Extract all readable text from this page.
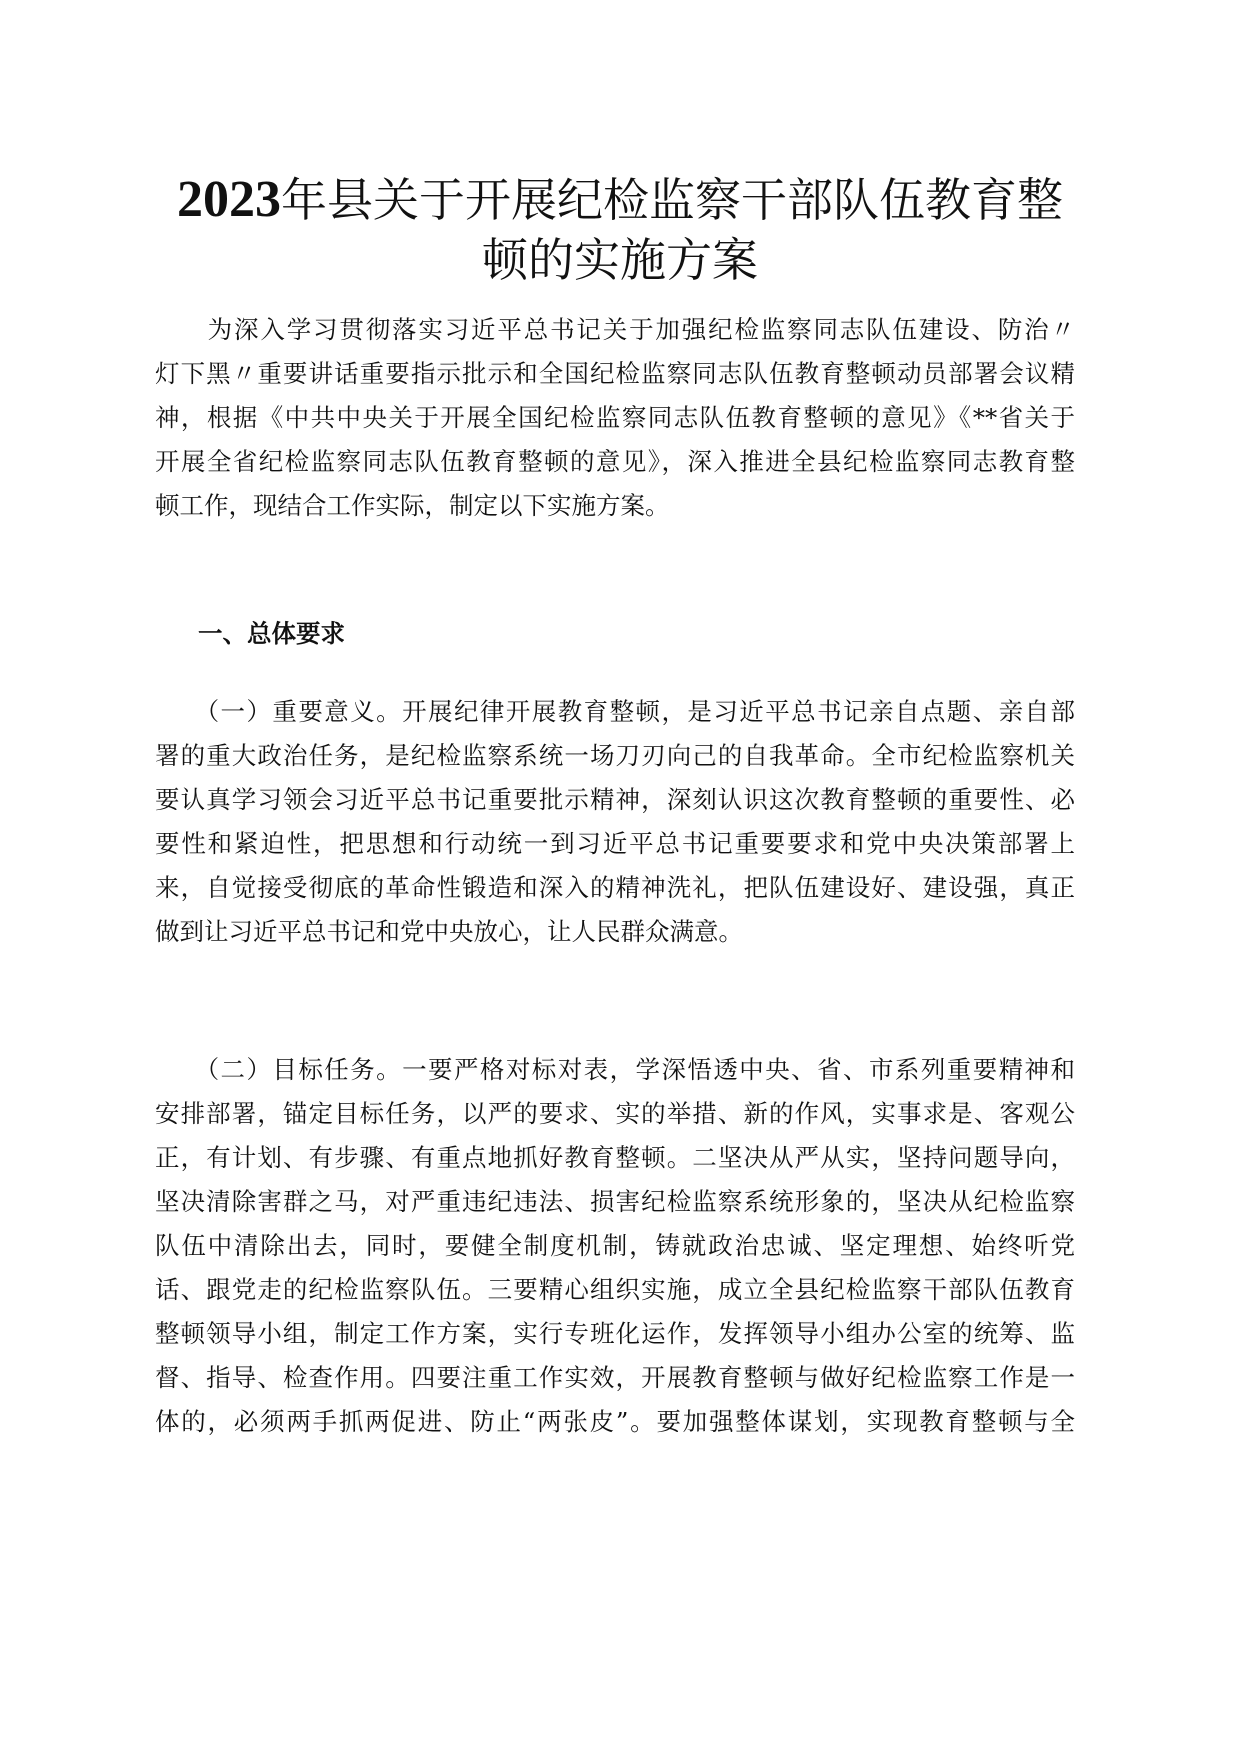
2023年县关于开展纪检监察干部队伍教育整
顿的实施方案
　　为深入学习贯彻落实习近平总书记关于加强纪检监察同志队伍建设、防治〃
灯下黑〃重要讲话重要指示批示和全国纪检监察同志队伍教育整顿动员部署会议精
神，根据《中共中央关于开展全国纪检监察同志队伍教育整顿的意见》《**省关于
开展全省纪检监察同志队伍教育整顿的意见》，深入推进全县纪检监察同志教育整
顿工作，现结合工作实际，制定以下实施方案。
一、总体要求
　　（一）重要意义。开展纪律开展教育整顿，是习近平总书记亲自点题、亲自部
署的重大政治任务，是纪检监察系统一场刀刃向己的自我革命。全市纪检监察机关
要认真学习领会习近平总书记重要批示精神，深刻认识这次教育整顿的重要性、必
要性和紧迫性，把思想和行动统一到习近平总书记重要要求和党中央决策部署上
来，自觉接受彻底的革命性锻造和深入的精神洗礼，把队伍建设好、建设强，真正
做到让习近平总书记和党中央放心，让人民群众满意。
　　（二）目标任务。一要严格对标对表，学深悟透中央、省、市系列重要精神和
安排部署，锚定目标任务，以严的要求、实的举措、新的作风，实事求是、客观公
正，有计划、有步骤、有重点地抓好教育整顿。二坚决从严从实，坚持问题导向，
坚决清除害群之马，对严重违纪违法、损害纪检监察系统形象的，坚决从纪检监察
队伍中清除出去，同时，要健全制度机制，铸就政治忠诚、坚定理想、始终听党
话、跟党走的纪检监察队伍。三要精心组织实施，成立全县纪检监察干部队伍教育
整顿领导小组，制定工作方案，实行专班化运作，发挥领导小组办公室的统筹、监
督、指导、检查作用。四要注重工作实效，开展教育整顿与做好纪检监察工作是一
体的，必须两手抓两促进、防止“两张皮”。要加强整体谋划，实现教育整顿与全
